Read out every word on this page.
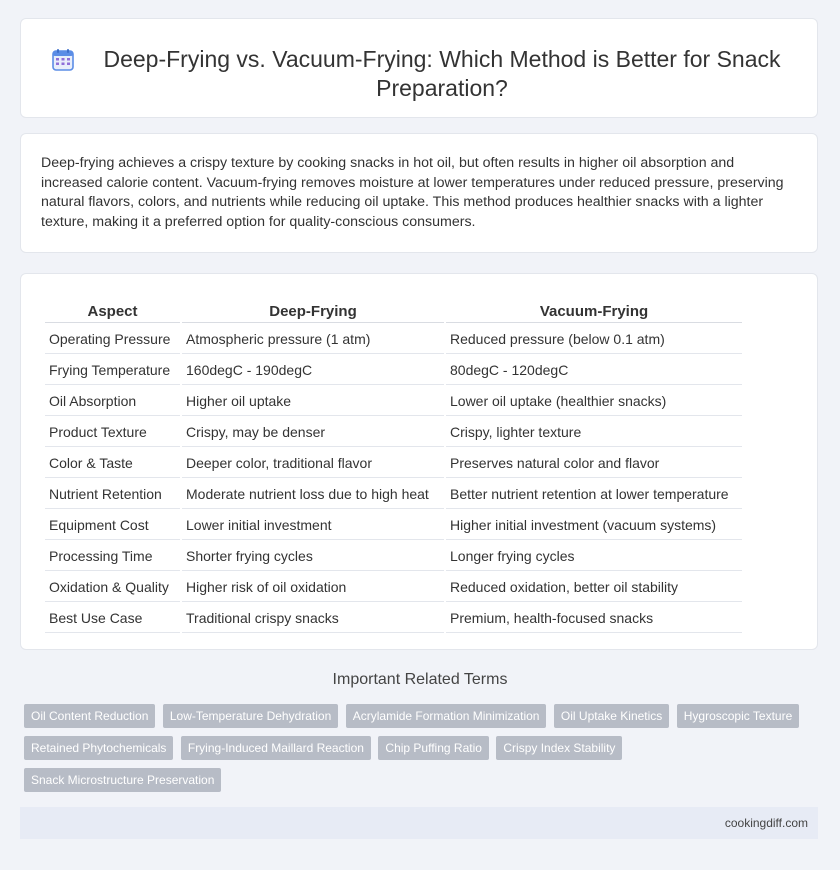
Deep-Frying vs. Vacuum-Frying: Which Method is Better for Snack Preparation?

Deep-frying achieves a crispy texture by cooking snacks in hot oil, but often results in higher oil absorption and increased calorie content. Vacuum-frying removes moisture at lower temperatures under reduced pressure, preserving natural flavors, colors, and nutrients while reducing oil uptake. This method produces healthier snacks with a lighter texture, making it a preferred option for quality-conscious consumers.

Aspect	Deep-Frying	Vacuum-Frying
Operating Pressure	Atmospheric pressure (1 atm)	Reduced pressure (below 0.1 atm)
Frying Temperature	160degC - 190degC	80degC - 120degC
Oil Absorption	Higher oil uptake	Lower oil uptake (healthier snacks)
Product Texture	Crispy, may be denser	Crispy, lighter texture
Color & Taste	Deeper color, traditional flavor	Preserves natural color and flavor
Nutrient Retention	Moderate nutrient loss due to high heat	Better nutrient retention at lower temperature
Equipment Cost	Lower initial investment	Higher initial investment (vacuum systems)
Processing Time	Shorter frying cycles	Longer frying cycles
Oxidation & Quality	Higher risk of oil oxidation	Reduced oxidation, better oil stability
Best Use Case	Traditional crispy snacks	Premium, health-focused snacks
Important Related Terms
Oil Content Reduction Low-Temperature Dehydration Acrylamide Formation Minimization Oil Uptake Kinetics Hygroscopic Texture Retained Phytochemicals Frying-Induced Maillard Reaction Chip Puffing Ratio Crispy Index Stability Snack Microstructure Preservation
cookingdiff.com
